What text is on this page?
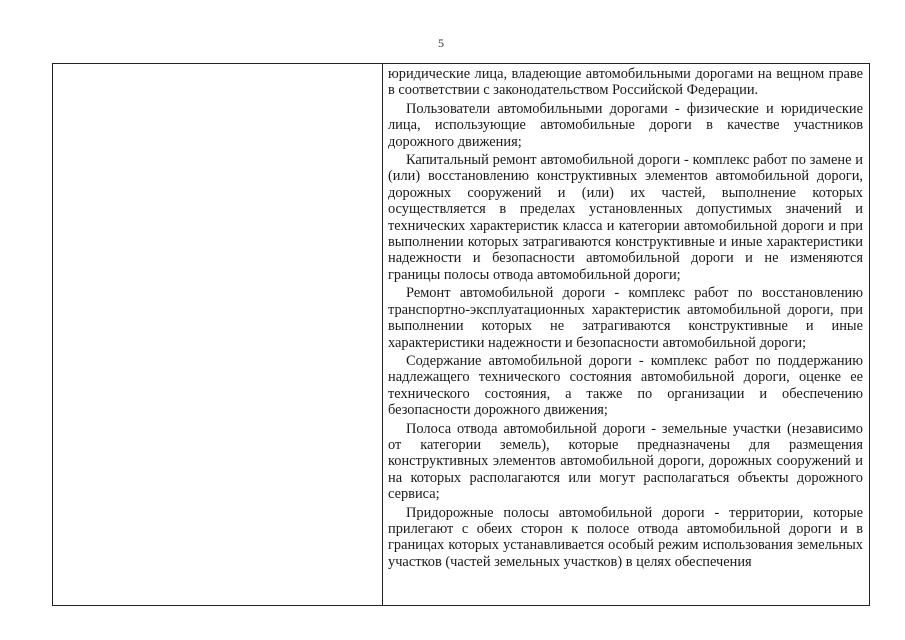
5

юридические лица, владеющие автомобильными дорогами на вещном праве в соответствии с законодательством Российской Федерации.

Пользователи автомобильными дорогами - физические и юридические лица, использующие автомобильные дороги в качестве участников дорожного движения;

Капитальный ремонт автомобильной дороги - комплекс работ по замене и (или) восстановлению конструктивных элементов автомобильной дороги, дорожных сооружений и (или) их частей, выполнение которых осуществляется в пределах установленных допустимых значений и технических характеристик класса и категории автомобильной дороги и при выполнении которых затрагиваются конструктивные и иные характеристики надежности и безопасности автомобильной дороги и не изменяются границы полосы отвода автомобильной дороги;

Ремонт автомобильной дороги - комплекс работ по восстановлению транспортно-эксплуатационных характеристик автомобильной дороги, при выполнении которых не затрагиваются конструктивные и иные характеристики надежности и безопасности автомобильной дороги;

Содержание автомобильной дороги - комплекс работ по поддержанию надлежащего технического состояния автомобильной дороги, оценке ее технического состояния, а также по организации и обеспечению безопасности дорожного движения;

Полоса отвода автомобильной дороги - земельные участки (независимо от категории земель), которые предназначены для размещения конструктивных элементов автомобильной дороги, дорожных сооружений и на которых располагаются или могут располагаться объекты дорожного сервиса;

Придорожные полосы автомобильной дороги - территории, которые прилегают с обеих сторон к полосе отвода автомобильной дороги и в границах которых устанавливается особый режим использования земельных участков (частей земельных участков) в целях обеспечения
